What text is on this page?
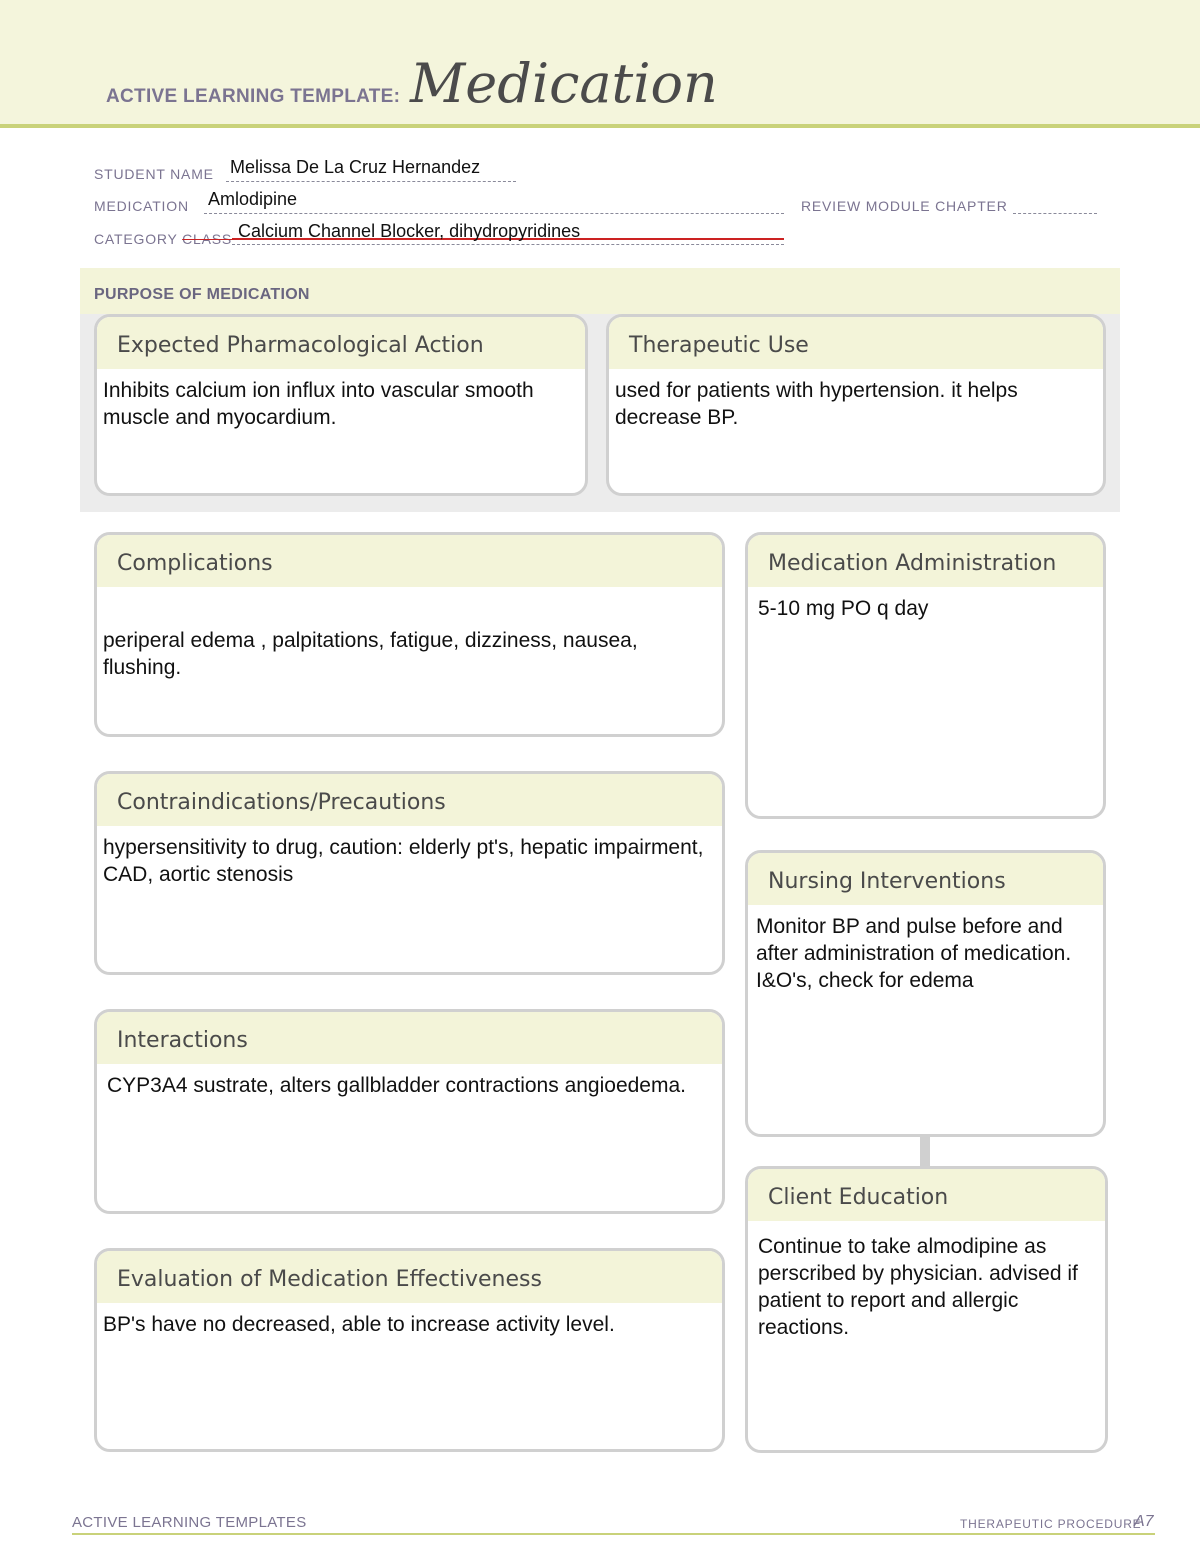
ACTIVE LEARNING TEMPLATE: Medication
STUDENT NAME Melissa De La Cruz Hernandez
MEDICATION Amlodipine	REVIEW MODULE CHAPTER
CATEGORY CLASS Calcium Channel Blocker, dihydropyridines
PURPOSE OF MEDICATION
Expected Pharmacological Action
Inhibits calcium ion influx into vascular smooth muscle and myocardium.
Therapeutic Use
used for patients with hypertension. it helps decrease BP.
Complications
periperal edema , palpitations, fatigue, dizziness, nausea, flushing.
Contraindications/Precautions
hypersensitivity to drug, caution: elderly pt's, hepatic impairment, CAD, aortic stenosis
Interactions
CYP3A4 sustrate, alters gallbladder contractions angioedema.
Evaluation of Medication Effectiveness
BP's have no decreased, able to increase activity level.
Medication Administration
5-10 mg PO q day
Nursing Interventions
Monitor BP and pulse before and after administration of medication. I&O's, check for edema
Client Education
Continue to take almodipine as perscribed by physician. advised if patient to report and allergic reactions.
ACTIVE LEARNING TEMPLATES	THERAPEUTIC PROCEDURE
A7
